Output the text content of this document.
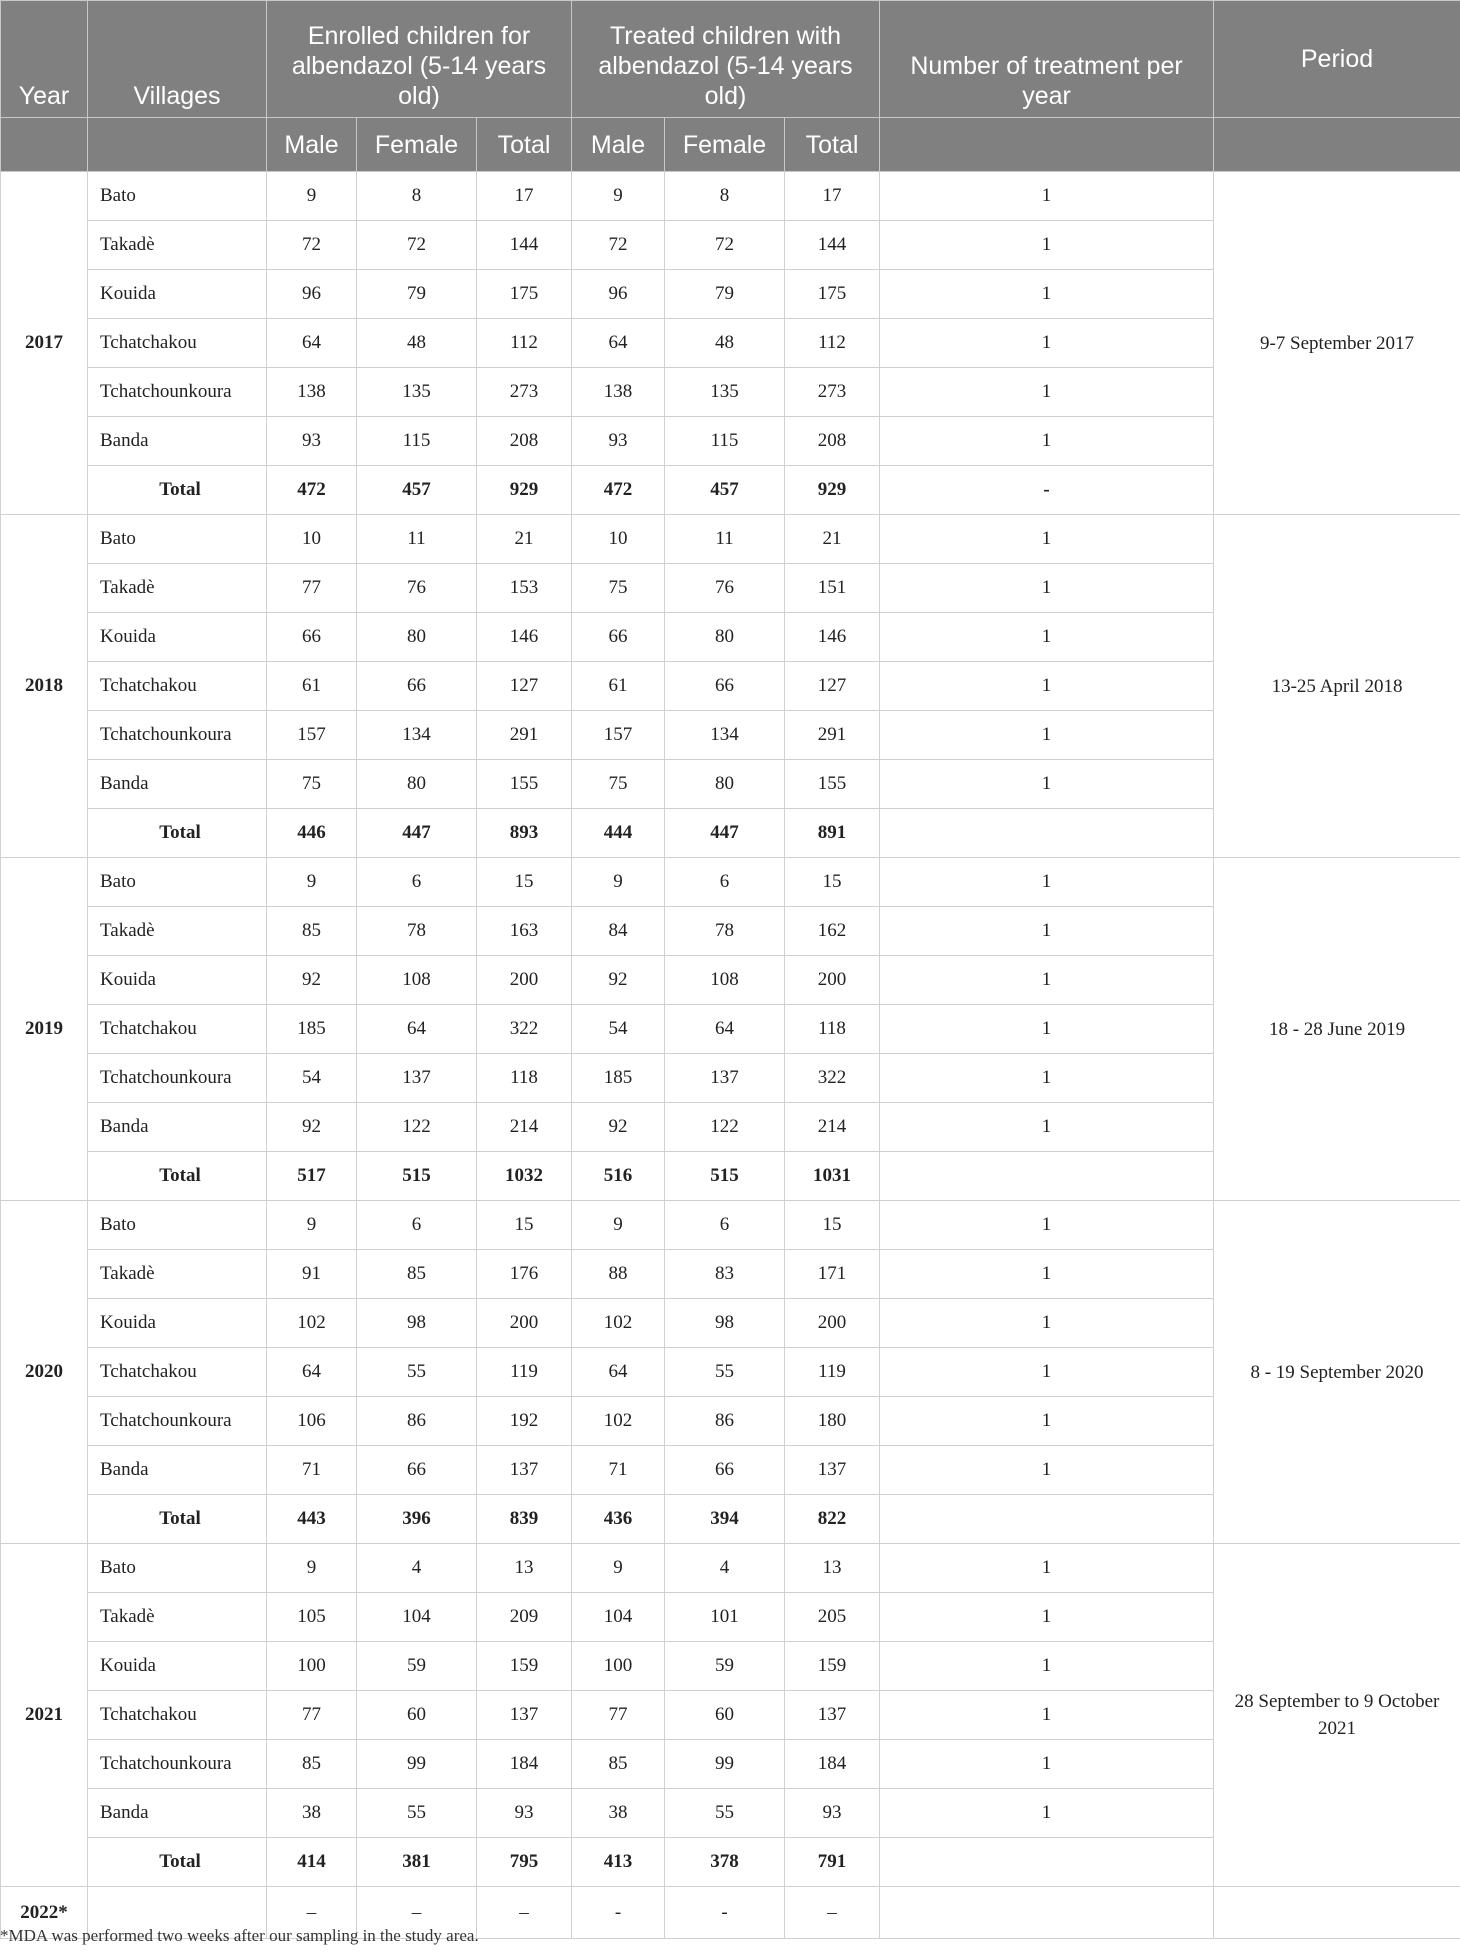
Year	Villages	Enrolled children for albendazol (5-14 years old)			Treated children with albendazol (5-14 years old)			Number of treatment per year	Period
		Male	Female	Total	Male	Female	Total		
2017	Bato	9	8	17	9	8	17	1	9-7 September 2017
	Takadè	72	72	144	72	72	144	1	
	Kouida	96	79	175	96	79	175	1	
	Tchatchakou	64	48	112	64	48	112	1	
	Tchatchounkoura	138	135	273	138	135	273	1	
	Banda	93	115	208	93	115	208	1	
	Total	472	457	929	472	457	929	-	
2018	Bato	10	11	21	10	11	21	1	13-25 April 2018
	Takadè	77	76	153	75	76	151	1	
	Kouida	66	80	146	66	80	146	1	
	Tchatchakou	61	66	127	61	66	127	1	
	Tchatchounkoura	157	134	291	157	134	291	1	
	Banda	75	80	155	75	80	155	1	
	Total	446	447	893	444	447	891		
2019	Bato	9	6	15	9	6	15	1	18 - 28 June 2019
	Takadè	85	78	163	84	78	162	1	
	Kouida	92	108	200	92	108	200	1	
	Tchatchakou	185	64	322	54	64	118	1	
	Tchatchounkoura	54	137	118	185	137	322	1	
	Banda	92	122	214	92	122	214	1	
	Total	517	515	1032	516	515	1031		
2020	Bato	9	6	15	9	6	15	1	8 - 19 September 2020
	Takadè	91	85	176	88	83	171	1	
	Kouida	102	98	200	102	98	200	1	
	Tchatchakou	64	55	119	64	55	119	1	
	Tchatchounkoura	106	86	192	102	86	180	1	
	Banda	71	66	137	71	66	137	1	
	Total	443	396	839	436	394	822		
2021	Bato	9	4	13	9	4	13	1	28 September to 9 October 2021
	Takadè	105	104	209	104	101	205	1	
	Kouida	100	59	159	100	59	159	1	
	Tchatchakou	77	60	137	77	60	137	1	
	Tchatchounkoura	85	99	184	85	99	184	1	
	Banda	38	55	93	38	55	93	1	
	Total	414	381	795	413	378	791		
2022*		–	–	–	-	-	–		
*MDA was performed two weeks after our sampling in the study area.
